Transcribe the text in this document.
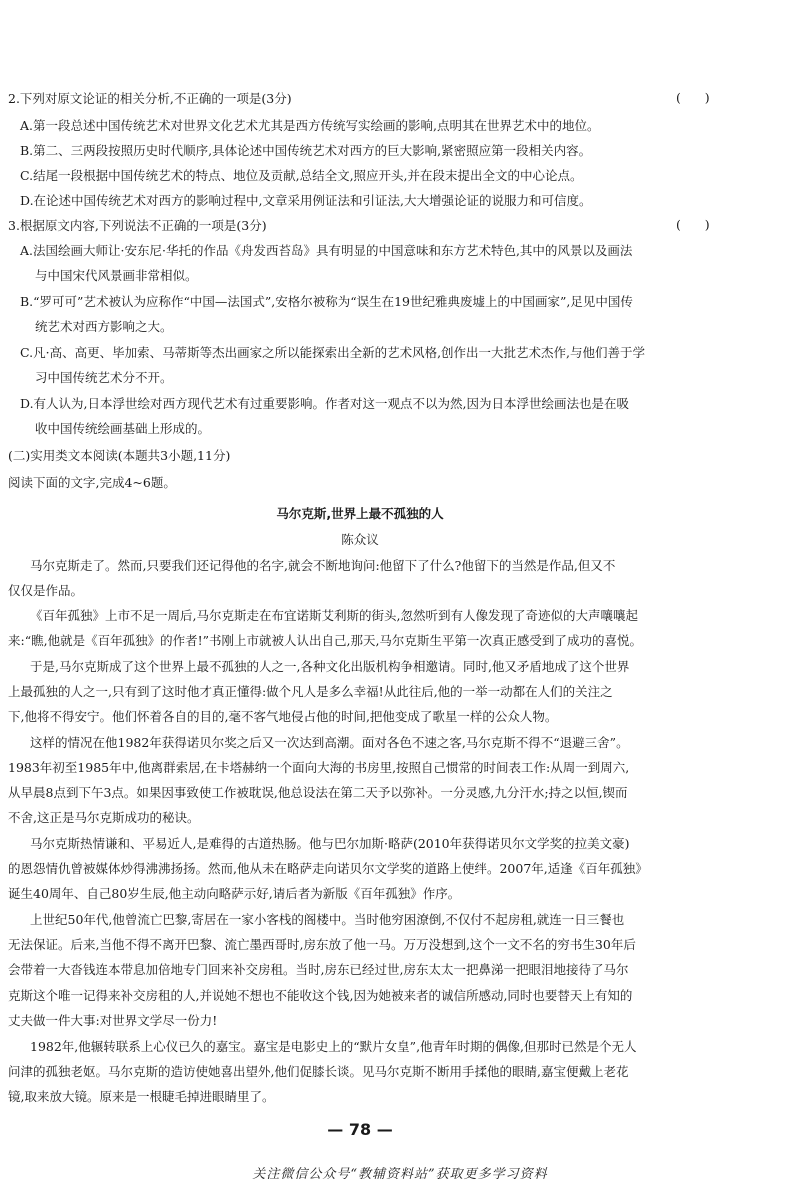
2.下列对原文论证的相关分析,不正确的一项是(3分)	(      )
A.第一段总述中国传统艺术对世界文化艺术尤其是西方传统写实绘画的影响,点明其在世界艺术中的地位。
B.第二、三两段按照历史时代顺序,具体论述中国传统艺术对西方的巨大影响,紧密照应第一段相关内容。
C.结尾一段根据中国传统艺术的特点、地位及贡献,总结全文,照应开头,并在段末提出全文的中心论点。
D.在论述中国传统艺术对西方的影响过程中,文章采用例证法和引证法,大大增强论证的说服力和可信度。
3.根据原文内容,下列说法不正确的一项是(3分)	(      )
A.法国绘画大师让·安东尼·华托的作品《舟发西苔岛》具有明显的中国意味和东方艺术特色,其中的风景以及画法
与中国宋代风景画非常相似。
B.“罗可可”艺术被认为应称作“中国—法国式”,安格尔被称为“误生在19世纪雅典废墟上的中国画家”,足见中国传
统艺术对西方影响之大。
C.凡·高、高更、毕加索、马蒂斯等杰出画家之所以能探索出全新的艺术风格,创作出一大批艺术杰作,与他们善于学
习中国传统艺术分不开。
D.有人认为,日本浮世绘对西方现代艺术有过重要影响。作者对这一观点不以为然,因为日本浮世绘画法也是在吸
收中国传统绘画基础上形成的。
(二)实用类文本阅读(本题共3小题,11分)
阅读下面的文字,完成4~6题。
马尔克斯,世界上最不孤独的人
陈众议
马尔克斯走了。然而,只要我们还记得他的名字,就会不断地询问:他留下了什么?他留下的当然是作品,但又不
仅仅是作品。
《百年孤独》上市不足一周后,马尔克斯走在布宜诺斯艾利斯的街头,忽然听到有人像发现了奇迹似的大声嚷嚷起
来:“瞧,他就是《百年孤独》的作者!”书刚上市就被人认出自己,那天,马尔克斯生平第一次真正感受到了成功的喜悦。
于是,马尔克斯成了这个世界上最不孤独的人之一,各种文化出版机构争相邀请。同时,他又矛盾地成了这个世界
上最孤独的人之一,只有到了这时他才真正懂得:做个凡人是多么幸福!从此往后,他的一举一动都在人们的关注之
下,他将不得安宁。他们怀着各自的目的,毫不客气地侵占他的时间,把他变成了歌星一样的公众人物。
这样的情况在他1982年获得诺贝尔奖之后又一次达到高潮。面对各色不速之客,马尔克斯不得不“退避三舍”。
1983年初至1985年中,他离群索居,在卡塔赫纳一个面向大海的书房里,按照自己惯常的时间表工作:从周一到周六,
从早晨8点到下午3点。如果因事致使工作被耽误,他总设法在第二天予以弥补。一分灵感,九分汗水;持之以恒,锲而
不舍,这正是马尔克斯成功的秘诀。
马尔克斯热情谦和、平易近人,是难得的古道热肠。他与巴尔加斯·略萨(2010年获得诺贝尔文学奖的拉美文豪)
的恩怨情仇曾被媒体炒得沸沸扬扬。然而,他从未在略萨走向诺贝尔文学奖的道路上使绊。2007年,适逢《百年孤独》
诞生40周年、自己80岁生辰,他主动向略萨示好,请后者为新版《百年孤独》作序。
上世纪50年代,他曾流亡巴黎,寄居在一家小客栈的阁楼中。当时他穷困潦倒,不仅付不起房租,就连一日三餐也
无法保证。后来,当他不得不离开巴黎、流亡墨西哥时,房东放了他一马。万万没想到,这个一文不名的穷书生30年后
会带着一大沓钱连本带息加倍地专门回来补交房租。当时,房东已经过世,房东太太一把鼻涕一把眼泪地接待了马尔
克斯这个唯一记得来补交房租的人,并说她不想也不能收这个钱,因为她被来者的诚信所感动,同时也要替天上有知的
丈夫做一件大事:对世界文学尽一份力!
1982年,他辗转联系上心仪已久的嘉宝。嘉宝是电影史上的“默片女皇”,他青年时期的偶像,但那时已然是个无人
问津的孤独老妪。马尔克斯的造访使她喜出望外,他们促膝长谈。见马尔克斯不断用手揉他的眼睛,嘉宝便戴上老花
镜,取来放大镜。原来是一根睫毛掉进眼睛里了。
— 78 —
关注微信公众号“教辅资料站”获取更多学习资料
